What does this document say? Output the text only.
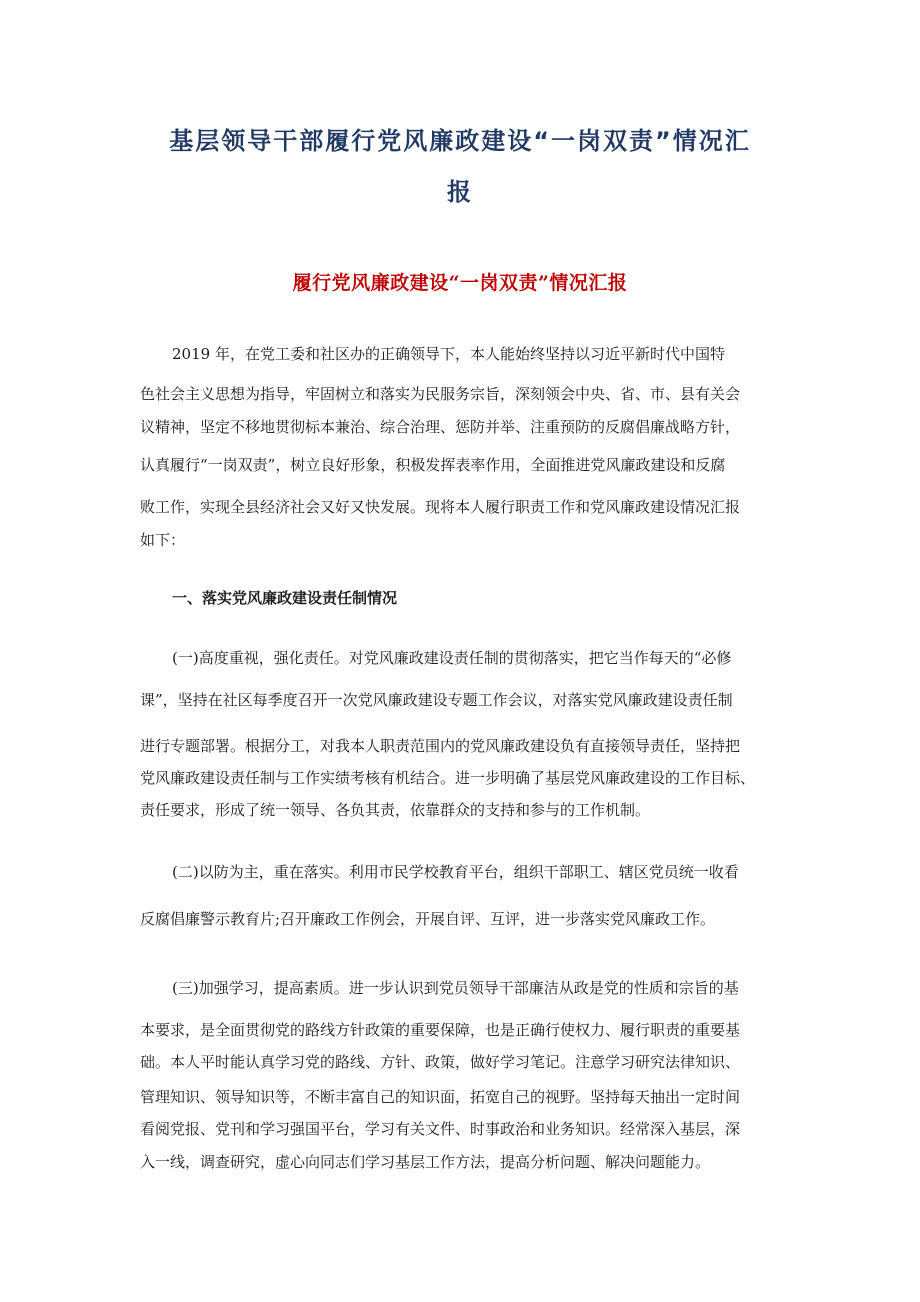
基层领导干部履行党风廉政建设“一岗双责”情况汇
报
履行党风廉政建设“一岗双责”情况汇报
2019 年，在党工委和社区办的正确领导下，本人能始终坚持以习近平新时代中国特
色社会主义思想为指导，牢固树立和落实为民服务宗旨，深刻领会中央、省、市、县有关会
议精神，坚定不移地贯彻标本兼治、综合治理、惩防并举、注重预防的反腐倡廉战略方针，
认真履行“一岗双责”，树立良好形象，积极发挥表率作用，全面推进党风廉政建设和反腐
败工作，实现全县经济社会又好又快发展。现将本人履行职责工作和党风廉政建设情况汇报
如下：
一、落实党风廉政建设责任制情况
(一)高度重视，强化责任。对党风廉政建设责任制的贯彻落实，把它当作每天的“必修
课”，坚持在社区每季度召开一次党风廉政建设专题工作会议，对落实党风廉政建设责任制
进行专题部署。根据分工，对我本人职责范围内的党风廉政建设负有直接领导责任，坚持把
党风廉政建设责任制与工作实绩考核有机结合。进一步明确了基层党风廉政建设的工作目标、
责任要求，形成了统一领导、各负其责，依靠群众的支持和参与的工作机制。
(二)以防为主，重在落实。利用市民学校教育平台，组织干部职工、辖区党员统一收看
反腐倡廉警示教育片;召开廉政工作例会，开展自评、互评，进一步落实党风廉政工作。
(三)加强学习，提高素质。进一步认识到党员领导干部廉洁从政是党的性质和宗旨的基
本要求，是全面贯彻党的路线方针政策的重要保障，也是正确行使权力、履行职责的重要基
础。本人平时能认真学习党的路线、方针、政策，做好学习笔记。注意学习研究法律知识、
管理知识、领导知识等，不断丰富自己的知识面，拓宽自己的视野。坚持每天抽出一定时间
看阅党报、党刊和学习强国平台，学习有关文件、时事政治和业务知识。经常深入基层，深
入一线，调查研究，虚心向同志们学习基层工作方法，提高分析问题、解决问题能力。
